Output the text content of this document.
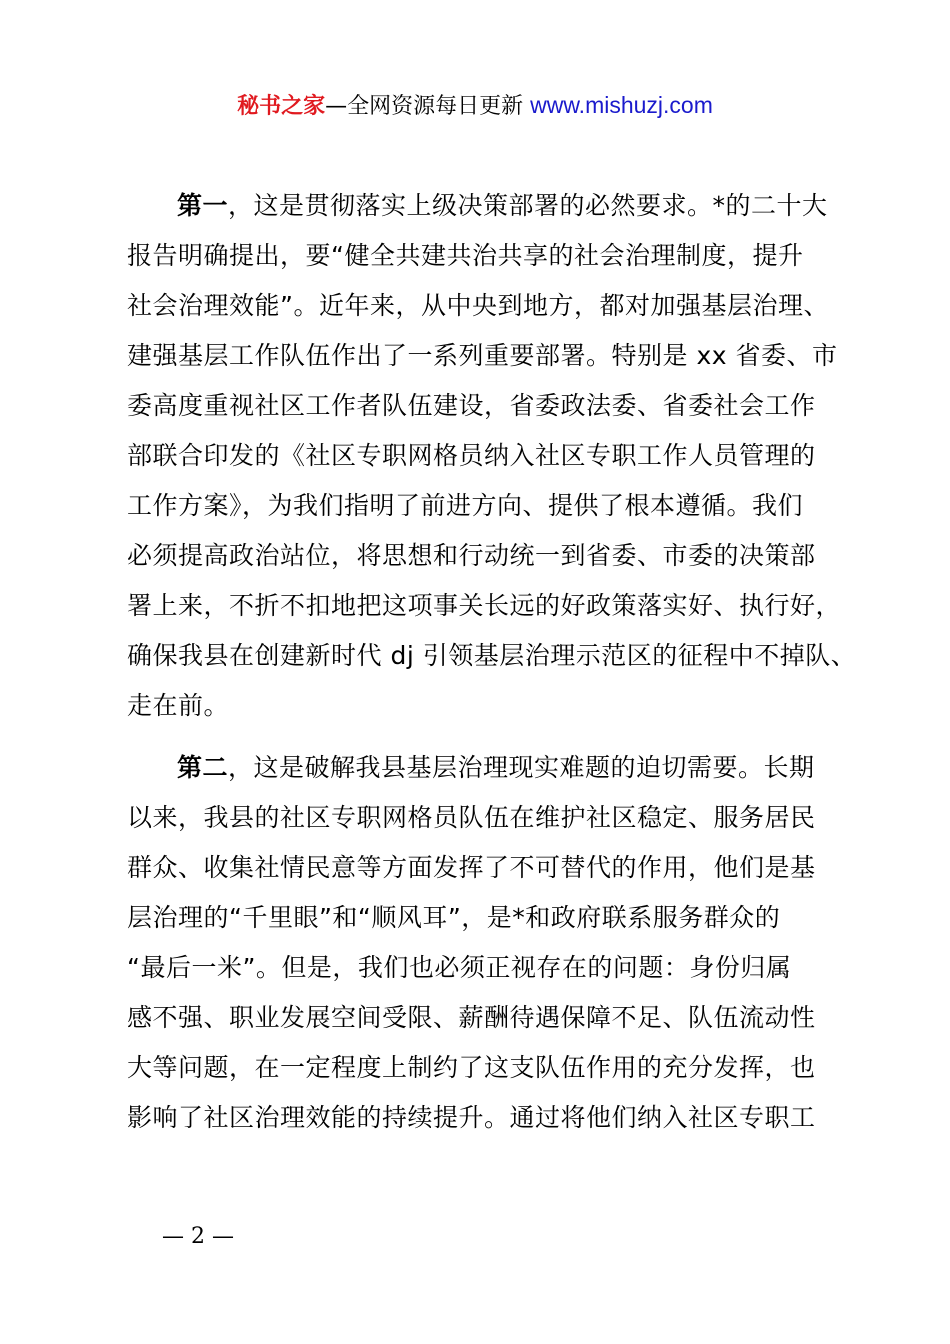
秘书之家—全网资源每日更新 www.mishuzj.com
第一，这是贯彻落实上级决策部署的必然要求。*的二十大
报告明确提出，要“健全共建共治共享的社会治理制度，提升
社会治理效能”。近年来，从中央到地方，都对加强基层治理、
建强基层工作队伍作出了一系列重要部署。特别是 xx 省委、市
委高度重视社区工作者队伍建设，省委政法委、省委社会工作
部联合印发的《社区专职网格员纳入社区专职工作人员管理的
工作方案》，为我们指明了前进方向、提供了根本遵循。我们
必须提高政治站位，将思想和行动统一到省委、市委的决策部
署上来，不折不扣地把这项事关长远的好政策落实好、执行好，
确保我县在创建新时代 dj 引领基层治理示范区的征程中不掉队、
走在前。
第二，这是破解我县基层治理现实难题的迫切需要。长期
以来，我县的社区专职网格员队伍在维护社区稳定、服务居民
群众、收集社情民意等方面发挥了不可替代的作用，他们是基
层治理的“千里眼”和“顺风耳”，是*和政府联系服务群众的
“最后一米”。但是，我们也必须正视存在的问题：身份归属
感不强、职业发展空间受限、薪酬待遇保障不足、队伍流动性
大等问题，在一定程度上制约了这支队伍作用的充分发挥，也
影响了社区治理效能的持续提升。通过将他们纳入社区专职工
— 2 —
